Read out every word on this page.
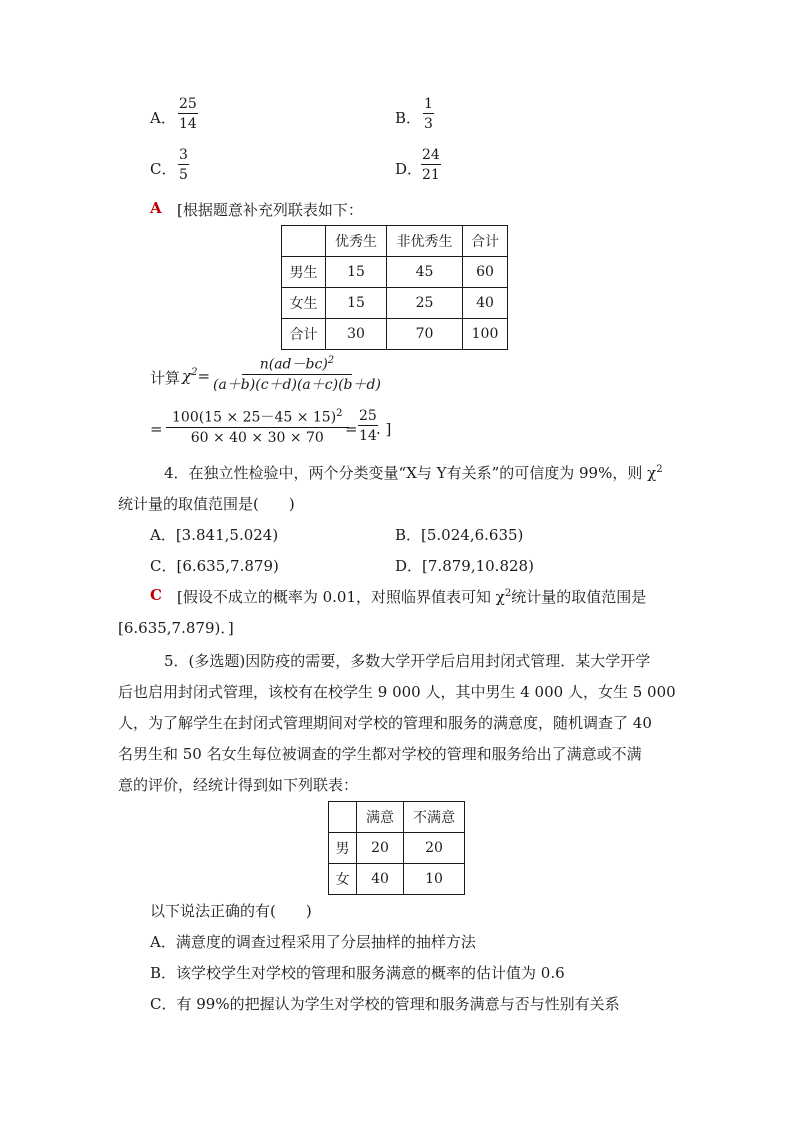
A． $\frac{25}{14}$	B． $\frac{1}{3}$
C． $\frac{3}{5}$	D．
$\frac{24}{21}$
A [根据题意补充列联表如下：
	优秀生	非优秀生	合计
男生	15	45	60
女生	15	25	40
合计	30	70	100
计算 $\chi^2= \frac{n(ad-bc)^2}{(a+b)(c+d)(a+c)(b+d)}$
= $\frac{100(15 \times 25-45 \times 15)^2}{60 \times 40 \times 30 \times 70}$
= $\frac{25}{14}$
. ]
4．在独立性检验中，两个分类变量“X与 Y有关系”的可信度为 99%，则 $\chi^2$
统计量的取值范围是(　　)
A．[3.841,5.024)	B．[5.024,6.635)
C．[6.635,7.879)	D．[7.879,10.828)
C [假设不成立的概率为 0.01，对照临界值表可知 $\chi^2$统计量的取值范围是
[6.635,7.879)．]
5．(多选题)因防疫的需要，多数大学开学后启用封闭式管理．某大学开学
后也启用封闭式管理，该校有在校学生 9 000 人，其中男生 4 000 人，女生 5 000
人，为了解学生在封闭式管理期间对学校的管理和服务的满意度，随机调查了 40
名男生和 50 名女生每位被调查的学生都对学校的管理和服务给出了满意或不满
意的评价，经统计得到如下列联表：
	满意	不满意
男	20	20
女	40	10
以下说法正确的有(　　)
A．满意度的调查过程采用了分层抽样的抽样方法
B．该学校学生对学校的管理和服务满意的概率的估计值为 0.6
C．有 99%的把握认为学生对学校的管理和服务满意与否与性别有关系
